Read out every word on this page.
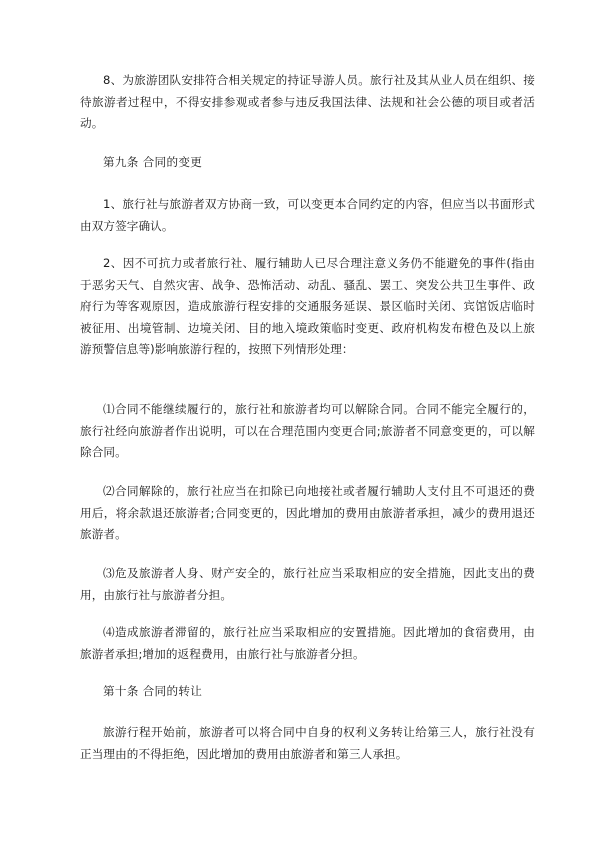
8、为旅游团队安排符合相关规定的持证导游人员。旅行社及其从业人员在组织、接待旅游者过程中，不得安排参观或者参与违反我国法律、法规和社会公德的项目或者活动。

第九条 合同的变更

1、旅行社与旅游者双方协商一致，可以变更本合同约定的内容，但应当以书面形式由双方签字确认。

2、因不可抗力或者旅行社、履行辅助人已尽合理注意义务仍不能避免的事件(指由于恶劣天气、自然灾害、战争、恐怖活动、动乱、骚乱、罢工、突发公共卫生事件、政府行为等客观原因，造成旅游行程安排的交通服务延误、景区临时关闭、宾馆饭店临时被征用、出境管制、边境关闭、目的地入境政策临时变更、政府机构发布橙色及以上旅游预警信息等)影响旅游行程的，按照下列情形处理：

⑴合同不能继续履行的，旅行社和旅游者均可以解除合同。合同不能完全履行的，旅行社经向旅游者作出说明，可以在合理范围内变更合同;旅游者不同意变更的，可以解除合同。

⑵合同解除的，旅行社应当在扣除已向地接社或者履行辅助人支付且不可退还的费用后，将余款退还旅游者;合同变更的，因此增加的费用由旅游者承担，减少的费用退还旅游者。

⑶危及旅游者人身、财产安全的，旅行社应当采取相应的安全措施，因此支出的费用，由旅行社与旅游者分担。

⑷造成旅游者滞留的，旅行社应当采取相应的安置措施。因此增加的食宿费用，由旅游者承担;增加的返程费用，由旅行社与旅游者分担。

第十条 合同的转让

旅游行程开始前，旅游者可以将合同中自身的权利义务转让给第三人，旅行社没有正当理由的不得拒绝，因此增加的费用由旅游者和第三人承担。
